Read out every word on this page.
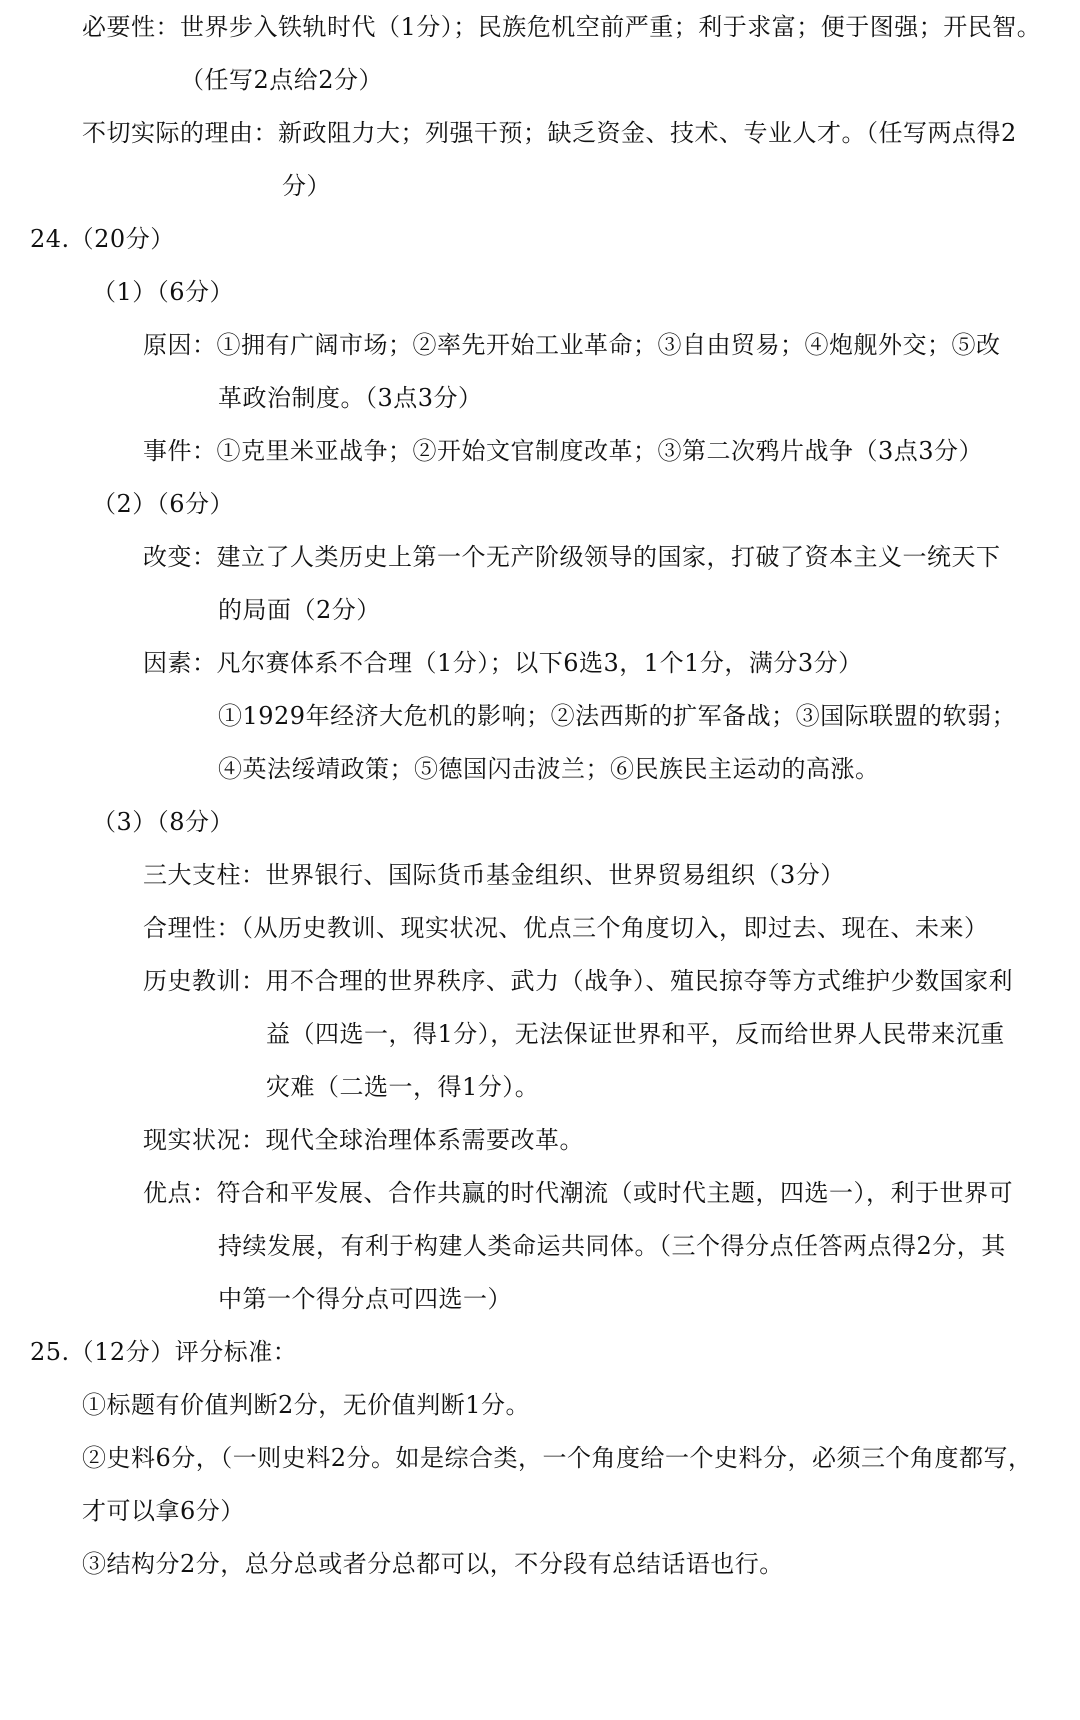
必要性：世界步入铁轨时代（1分）；民族危机空前严重；利于求富；便于图强；开民智。
（任写2点给2分）
不切实际的理由：新政阻力大；列强干预；缺乏资金、技术、专业人才。（任写两点得2
分）
24.（20分）
（1）（6分）
原因：①拥有广阔市场；②率先开始工业革命；③自由贸易；④炮舰外交；⑤改
革政治制度。（3点3分）
事件：①克里米亚战争；②开始文官制度改革；③第二次鸦片战争（3点3分）
（2）（6分）
改变：建立了人类历史上第一个无产阶级领导的国家，打破了资本主义一统天下
的局面（2分）
因素：凡尔赛体系不合理（1分）；以下6选3，1个1分，满分3分）
①1929年经济大危机的影响；②法西斯的扩军备战；③国际联盟的软弱；
④英法绥靖政策；⑤德国闪击波兰；⑥民族民主运动的高涨。
（3）（8分）
三大支柱：世界银行、国际货币基金组织、世界贸易组织（3分）
合理性：（从历史教训、现实状况、优点三个角度切入，即过去、现在、未来）
历史教训：用不合理的世界秩序、武力（战争）、殖民掠夺等方式维护少数国家利
益（四选一，得1分），无法保证世界和平，反而给世界人民带来沉重
灾难（二选一，得1分）。
现实状况：现代全球治理体系需要改革。
优点：符合和平发展、合作共赢的时代潮流（或时代主题，四选一），利于世界可
持续发展，有利于构建人类命运共同体。（三个得分点任答两点得2分，其
中第一个得分点可四选一）
25.（12分）评分标准：
①标题有价值判断2分，无价值判断1分。
②史料6分，（一则史料2分。如是综合类，一个角度给一个史料分，必须三个角度都写，
才可以拿6分）
③结构分2分，总分总或者分总都可以，不分段有总结话语也行。
